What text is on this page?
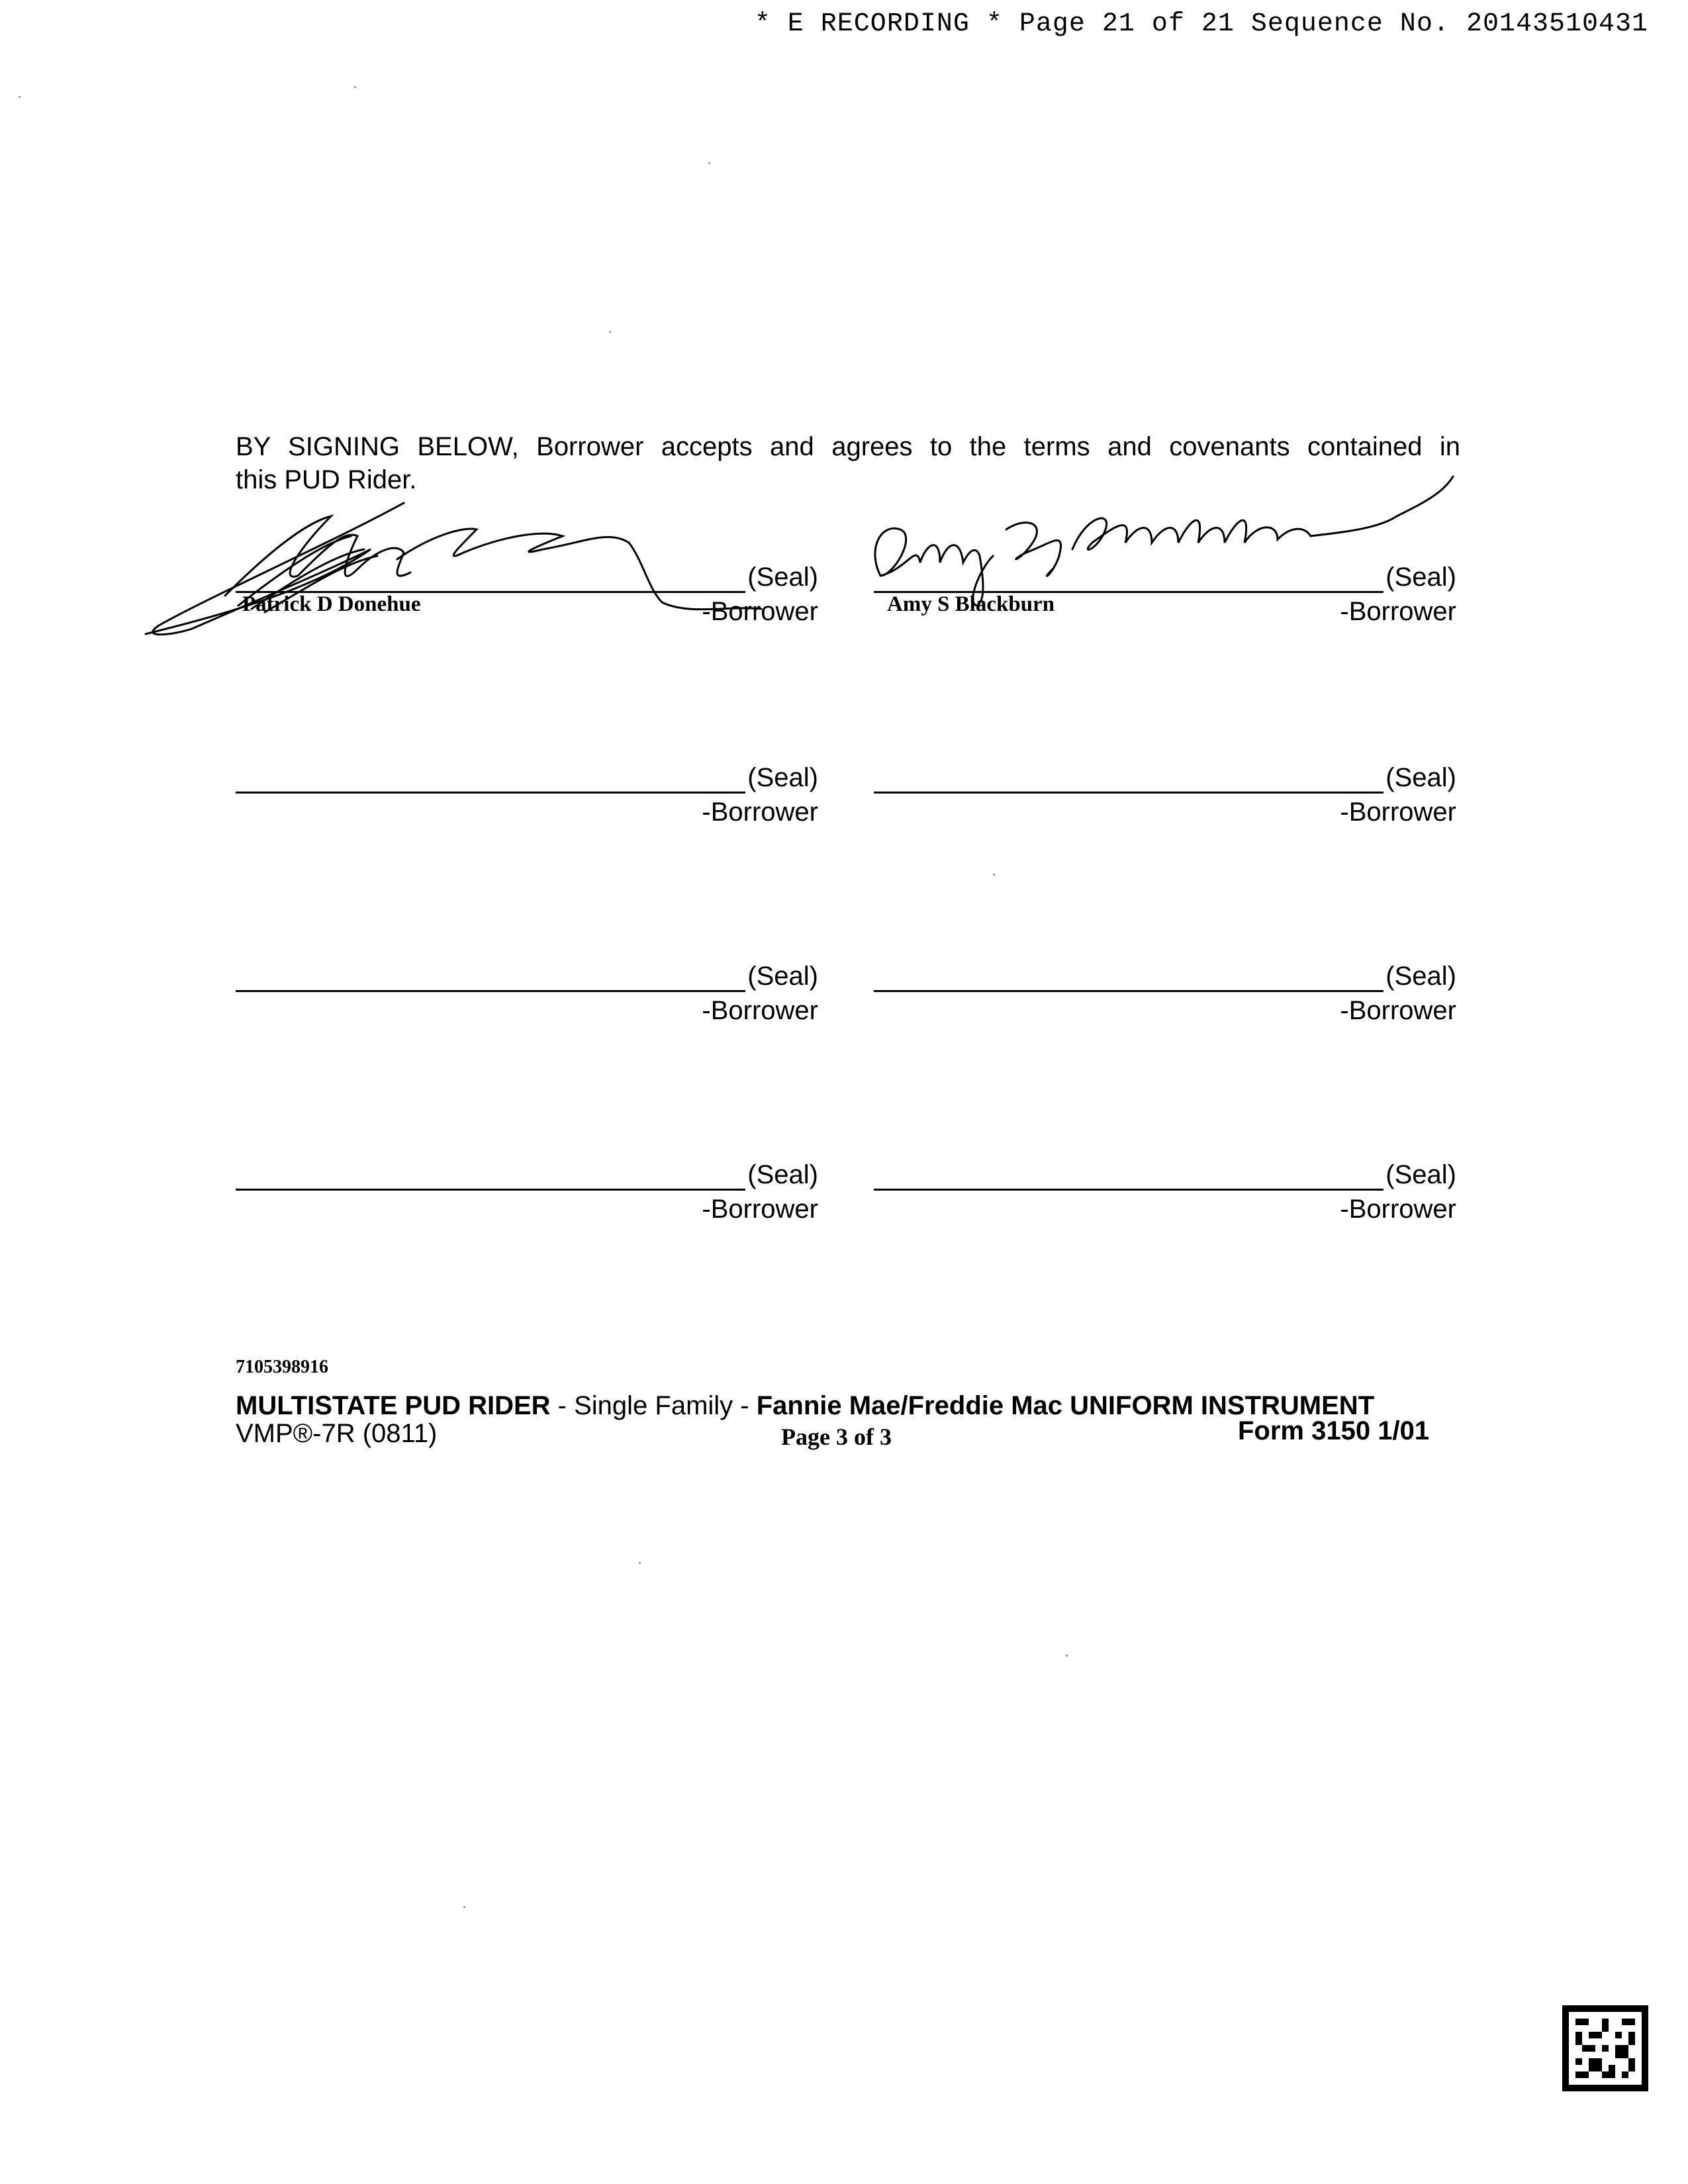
* E RECORDING * Page 21 of 21 Sequence No. 20143510431
BY SIGNING BELOW, Borrower accepts and agrees to the terms and covenants contained in
this PUD Rider.
(Seal)
-Borrower
Patrick D Donehue
(Seal)
-Borrower
Amy S Blackburn
(Seal)
-Borrower
(Seal)
-Borrower
(Seal)
-Borrower
(Seal)
-Borrower
(Seal)
-Borrower
(Seal)
-Borrower
7105398916
MULTISTATE PUD RIDER - Single Family - Fannie Mae/Freddie Mac UNIFORM INSTRUMENT
VMP®-7R (0811)	Page 3 of 3	Form 3150 1/01
